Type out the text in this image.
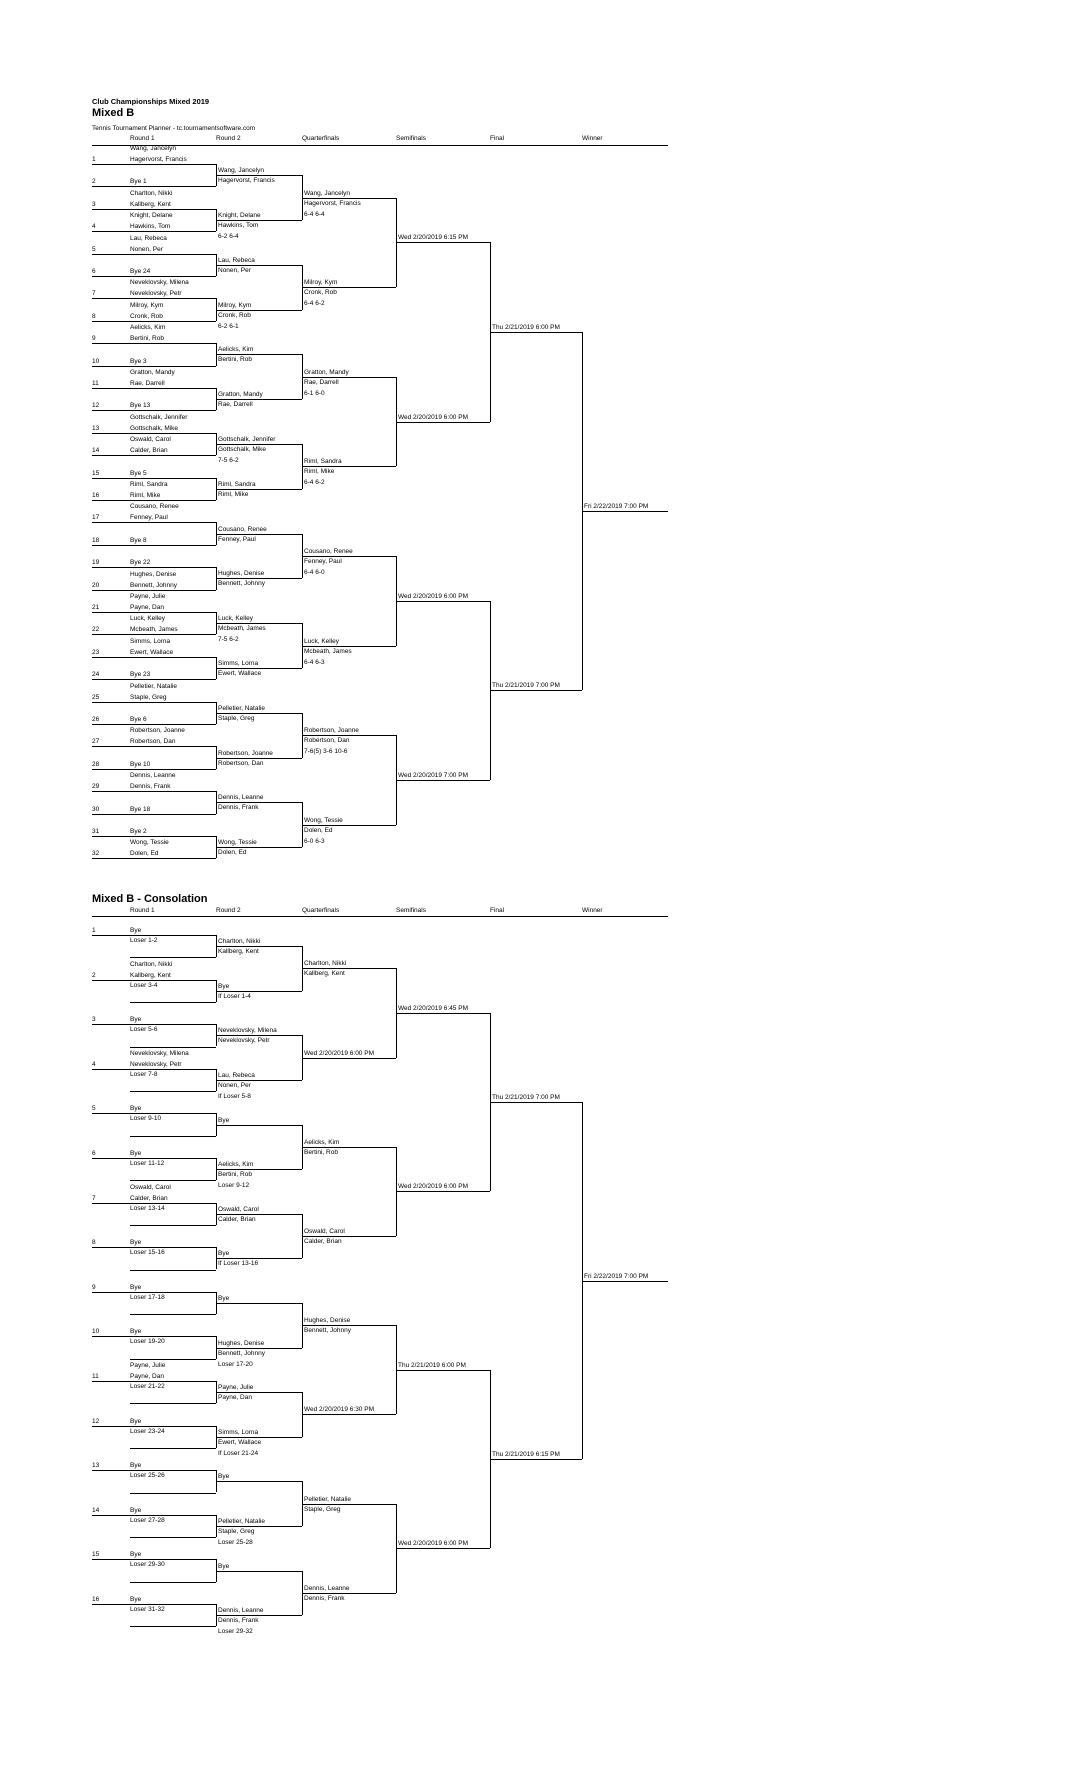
Club Championships Mixed 2019
Mixed B
Tennis Tournament Planner - tc.tournamentsoftware.com
Round 1	Round 2	Quarterfinals	Semifinals	Final	Winner
1
Wang, Jancelyn
Hagervorst, Francis
2	Bye 1
3
Charlton, Nikki
Kallberg, Kent
4
Knight, Delane
Hawkins, Tom
5
Lau, Rebeca
Nonen, Per
6	Bye 24
7
Neveklovsky, Milena
Neveklovsky, Petr
8
Milroy, Kym
Cronk, Rob
9
Aelicks, Kim
Bertini, Rob
10	Bye 3
11
Gratton, Mandy
Rae, Darrell
12	Bye 13
13
Gottschalk, Jennifer
Gottschalk, Mike
14
Oswald, Carol
Calder, Brian
15	Bye 5
16
Riml, Sandra
Riml, Mike
17
Cousano, Renee
Fenney, Paul
18	Bye 8
19	Bye 22
20
Hughes, Denise
Bennett, Johnny
21
Payne, Julie
Payne, Dan
22
Luck, Kelley
Mcbeath, James
23
Simms, Lorna
Ewert, Wallace
24	Bye 23
25
Pelletier, Natalie
Staple, Greg
26	Bye 6
27
Robertson, Joanne
Robertson, Dan
28	Bye 10
29
Dennis, Leanne
Dennis, Frank
30	Bye 18
31	Bye 2
32
Wong, Tessie
Dolen, Ed
Wang, Jancelyn
Hagervorst, Francis
Knight, Delane
Hawkins, Tom
6-2 6-4
Lau, Rebeca
Nonen, Per
Milroy, Kym
Cronk, Rob
6-2 6-1
Aelicks, Kim
Bertini, Rob
Gratton, Mandy
Rae, Darrell
Gottschalk, Jennifer
Gottschalk, Mike
7-5 6-2
Riml, Sandra
Riml, Mike
Cousano, Renee
Fenney, Paul
Hughes, Denise
Bennett, Johnny
Luck, Kelley
Mcbeath, James
7-5 6-2
Simms, Lorna
Ewert, Wallace
Pelletier, Natalie
Staple, Greg
Robertson, Joanne
Robertson, Dan
Dennis, Leanne
Dennis, Frank
Wong, Tessie
Dolen, Ed
Wang, Jancelyn
Hagervorst, Francis
6-4 6-4
Milroy, Kym
Cronk, Rob
6-4 6-2
Gratton, Mandy
Rae, Darrell
6-1 6-0
Riml, Sandra
Riml, Mike
6-4 6-2
Cousano, Renee
Fenney, Paul
6-4 6-0
Luck, Kelley
Mcbeath, James
6-4 6-3
Robertson, Joanne
Robertson, Dan
7-6(5) 3-6 10-6
Wong, Tessie
Dolen, Ed
6-0 6-3
Wed 2/20/2019 6:15 PM
Wed 2/20/2019 6:00 PM
Wed 2/20/2019 6:00 PM
Wed 2/20/2019 7:00 PM
Thu 2/21/2019 6:00 PM
Thu 2/21/2019 7:00 PM
Fri 2/22/2019 7:00 PM
Mixed B - Consolation
Round 1	Round 2	Quarterfinals	Semifinals	Final	Winner
1	Bye
Loser 1-2
2
Charlton, Nikki
Kallberg, Kent
Loser 3-4
3	Bye
Loser 5-6
4
Neveklovsky, Milena
Neveklovsky, Petr
Loser 7-8
5	Bye
Loser 9-10
6	Bye
Loser 11-12
7
Oswald, Carol
Calder, Brian
Loser 13-14
8	Bye
Loser 15-16
9	Bye
Loser 17-18
10	Bye
Loser 19-20
11
Payne, Julie
Payne, Dan
Loser 21-22
12	Bye
Loser 23-24
13	Bye
Loser 25-26
14	Bye
Loser 27-28
15	Bye
Loser 29-30
16	Bye
Loser 31-32
Charlton, Nikki
Kallberg, Kent
Bye
If Loser 1-4
Neveklovsky, Milena
Neveklovsky, Petr
Lau, Rebeca
Nonen, Per
If Loser 5-8
Bye
Aelicks, Kim
Bertini, Rob
Loser 9-12
Oswald, Carol
Calder, Brian
Bye
If Loser 13-16
Bye
Hughes, Denise
Bennett, Johnny
Loser 17-20
Payne, Julie
Payne, Dan
Simms, Lorna
Ewert, Wallace
If Loser 21-24
Bye
Pelletier, Natalie
Staple, Greg
Loser 25-28
Bye
Dennis, Leanne
Dennis, Frank
Loser 29-32
Charlton, Nikki
Kallberg, Kent
Wed 2/20/2019 6:00 PM
Aelicks, Kim
Bertini, Rob
Oswald, Carol
Calder, Brian
Hughes, Denise
Bennett, Johnny
Wed 2/20/2019 6:30 PM
Pelletier, Natalie
Staple, Greg
Dennis, Leanne
Dennis, Frank
Wed 2/20/2019 6:45 PM
Wed 2/20/2019 6:00 PM
Thu 2/21/2019 6:00 PM
Wed 2/20/2019 6:00 PM
Thu 2/21/2019 7:00 PM
Thu 2/21/2019 6:15 PM
Fri 2/22/2019 7:00 PM
